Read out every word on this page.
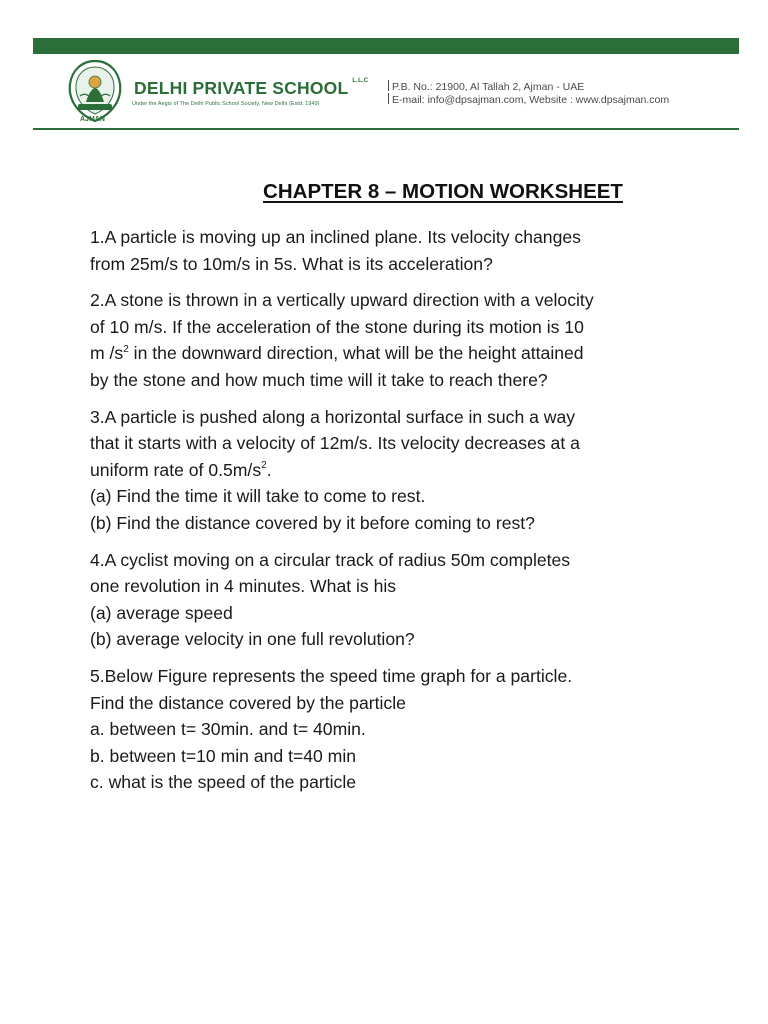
AJMAN
DELHI PRIVATE SCHOOL $^{L.L.C}$
Under the Aegis of The Delhi Public School Society, New Delhi (Estd. 1949)
P.B. No.: 21900, Al Tallah 2, Ajman - UAE
E-mail: info@dpsajman.com, Website : www.dpsajman.com
CHAPTER 8 – MOTION WORKSHEET
1.A particle is moving up an inclined plane. Its velocity changes
from 25m/s to 10m/s in 5s. What is its acceleration?
2.A stone is thrown in a vertically upward direction with a velocity
of 10 m/s. If the acceleration of the stone during its motion is 10
m $/s^2$ in the downward direction, what will be the height attained
by the stone and how much time will it take to reach there?
3.A particle is pushed along a horizontal surface in such a way
that it starts with a velocity of 12m/s. Its velocity decreases at a
uniform rate of $0.5m/s^2$.
(a) Find the time it will take to come to rest.
(b) Find the distance covered by it before coming to rest?
4.A cyclist moving on a circular track of radius 50m completes
one revolution in 4 minutes. What is his
(a) average speed
(b) average velocity in one full revolution?
5.Below Figure represents the speed time graph for a particle.
Find the distance covered by the particle
a. between t= 30min. and t= 40min.
b. between t=10 min and t=40 min
c. what is the speed of the particle
